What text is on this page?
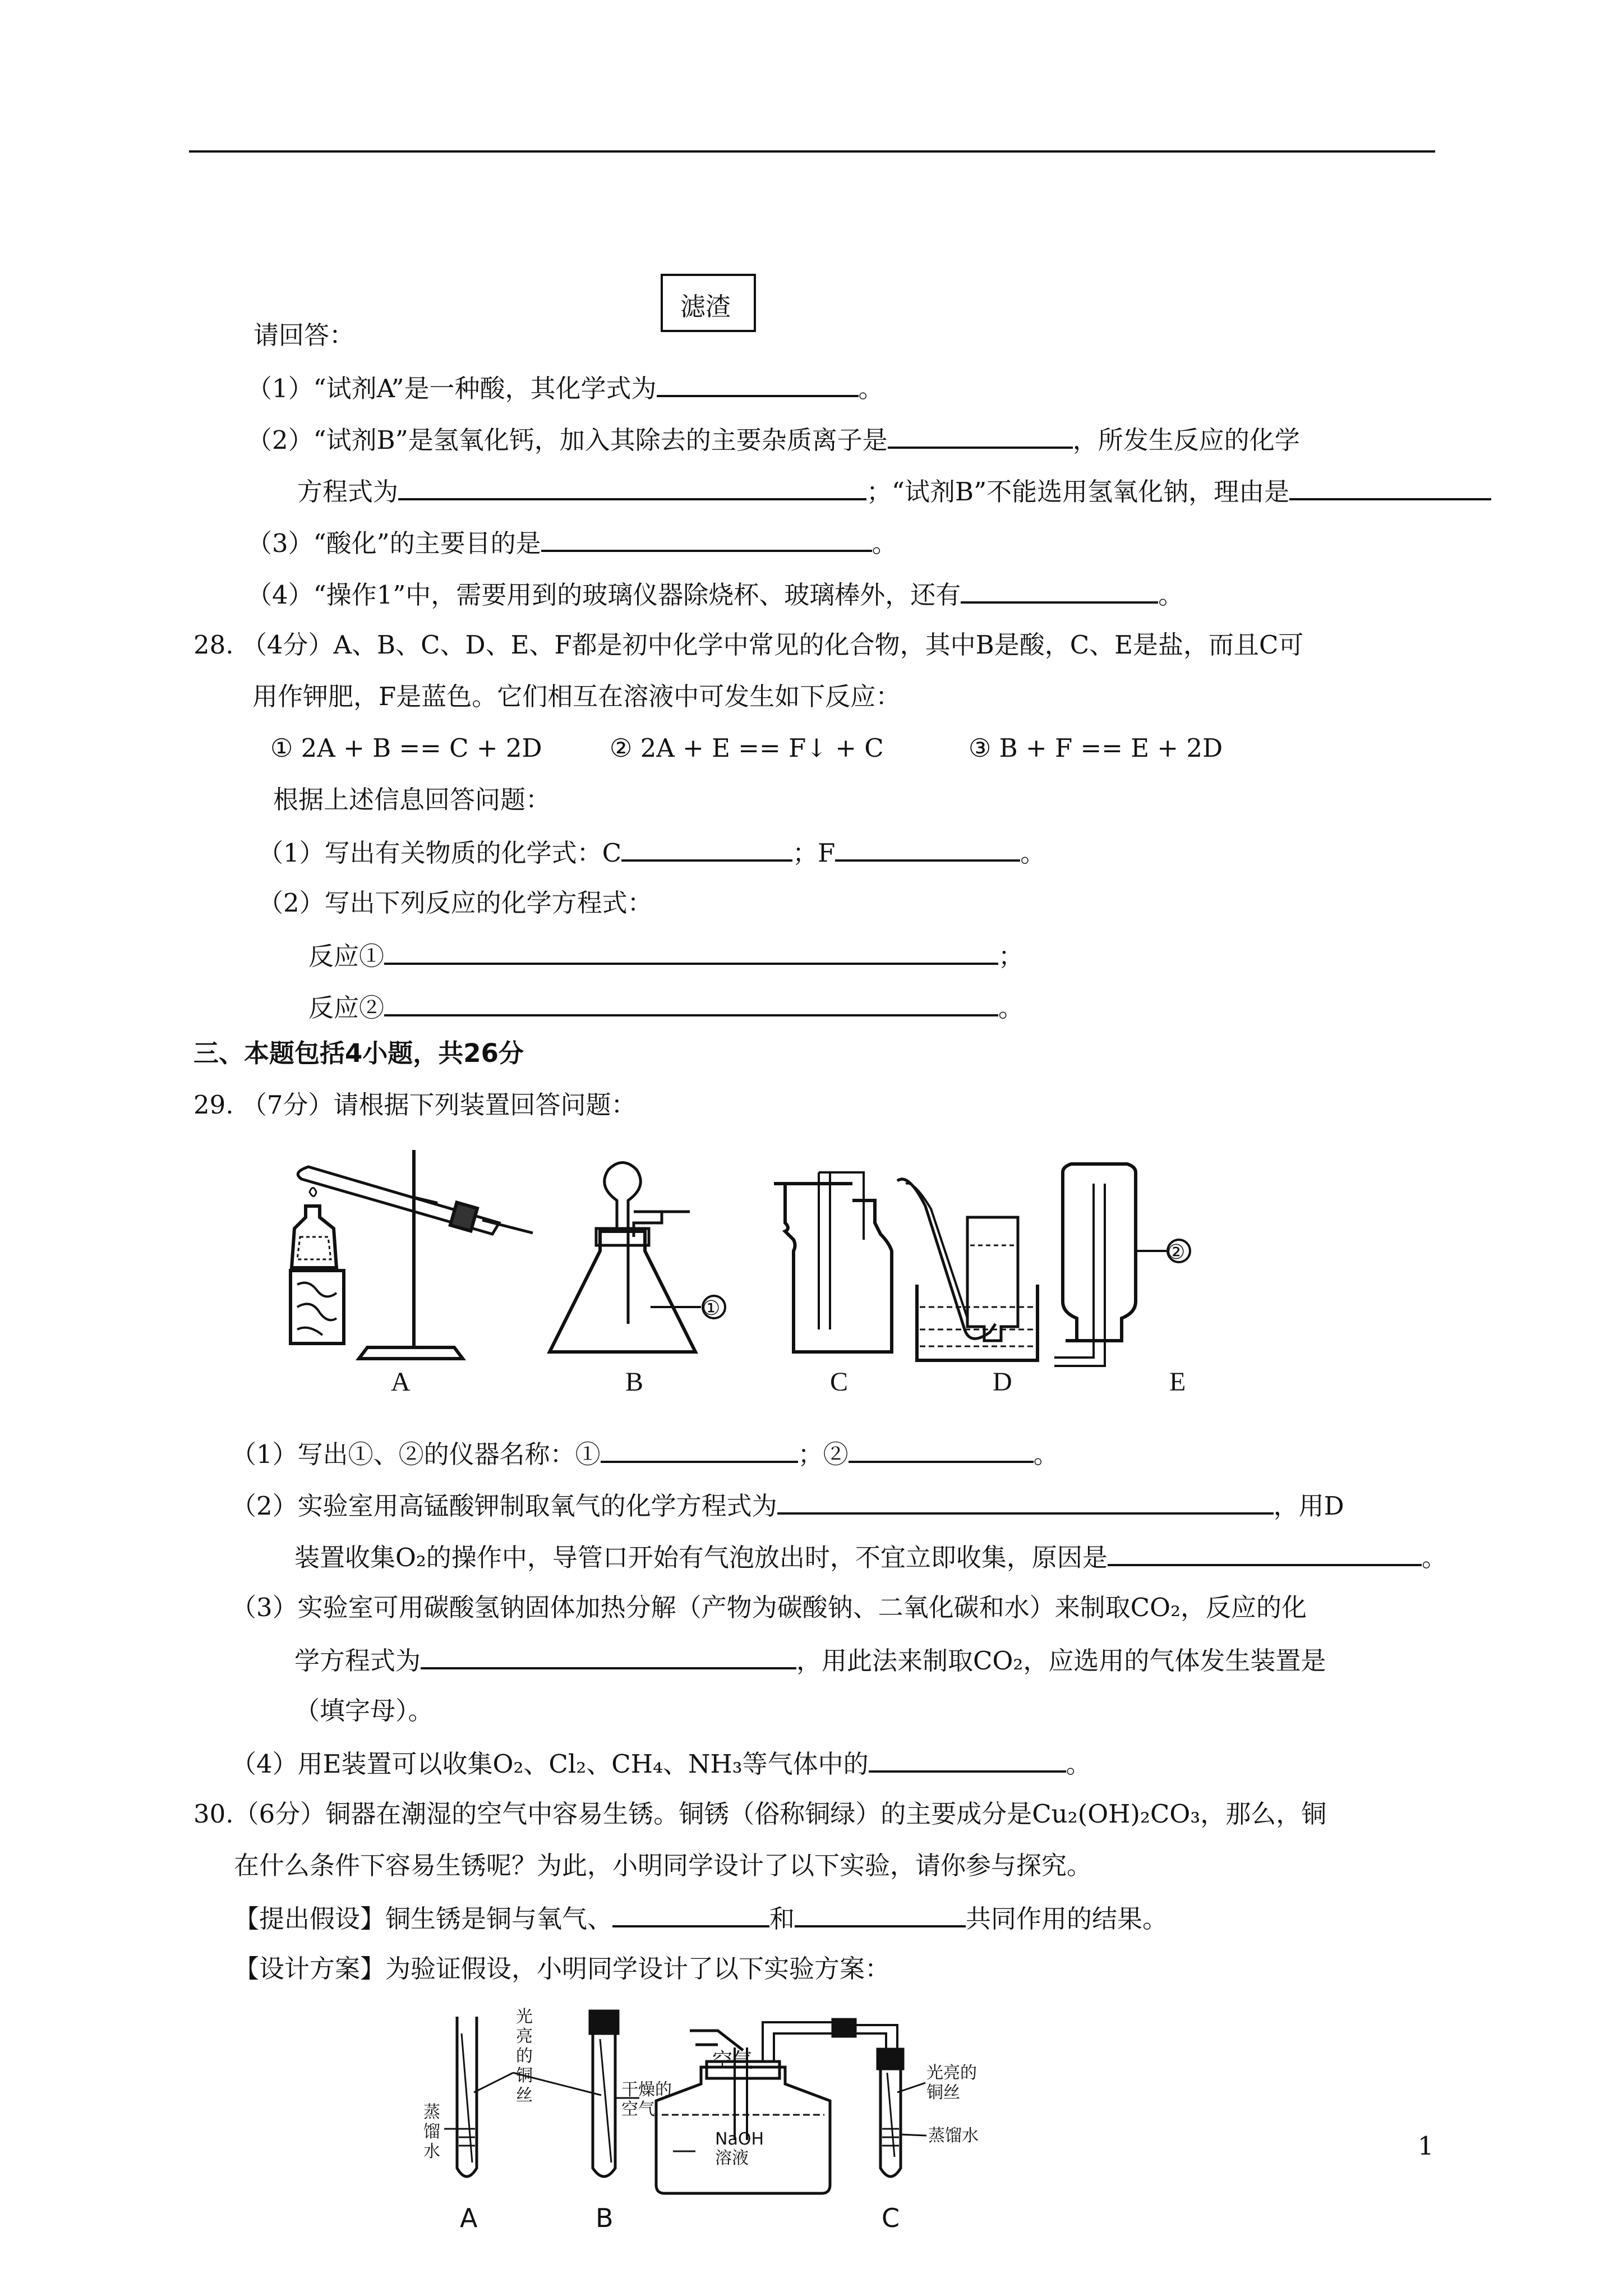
滤渣
请回答：
（1）“试剂A”是一种酸，其化学式为	。
（2）“试剂B”是氢氧化钙，加入其除去的主要杂质离子是	，所发生反应的化学
方程式为	；“试剂B”不能选用氢氧化钠，理由是
（3）“酸化”的主要目的是	。
（4）“操作1”中，需要用到的玻璃仪器除烧杯、玻璃棒外，还有	。
28. （4分）A、B、C、D、E、F都是初中化学中常见的化合物，其中B是酸，C、E是盐，而且C可
用作钾肥，F是蓝色。它们相互在溶液中可发生如下反应：
① 2A + B == C + 2D	② 2A + E == F↓ + C	③ B + F == E + 2D
根据上述信息回答问题：
（1）写出有关物质的化学式：C	；F	。
（2）写出下列反应的化学方程式：
反应①	；
反应②	。
三、本题包括4小题，共26分
29. （7分）请根据下列装置回答问题：
①
②
A	B	C	D	E
（1）写出①、②的仪器名称：①	；②	。
（2）实验室用高锰酸钾制取氧气的化学方程式为	，用D
装置收集O₂的操作中，导管口开始有气泡放出时，不宜立即收集，原因是	。
（3）实验室可用碳酸氢钠固体加热分解（产物为碳酸钠、二氧化碳和水）来制取CO₂，反应的化
学方程式为	，用此法来制取CO₂，应选用的气体发生装置是
（填字母）。
（4）用E装置可以收集O₂、Cl₂、CH₄、NH₃等气体中的	。
30.（6分）铜器在潮湿的空气中容易生锈。铜锈（俗称铜绿）的主要成分是Cu₂(OH)₂CO₃，那么，铜
在什么条件下容易生锈呢？为此，小明同学设计了以下实验，请你参与探究。
【提出假设】铜生锈是铜与氧气、	和	共同作用的结果。
【设计方案】为验证假设，小明同学设计了以下实验方案：
蒸
馏
水
光
亮
的
铜
丝	干燥的
空气
空气
NaOH
溶液
光亮的
铜丝
蒸馏水
A	B	C
1
